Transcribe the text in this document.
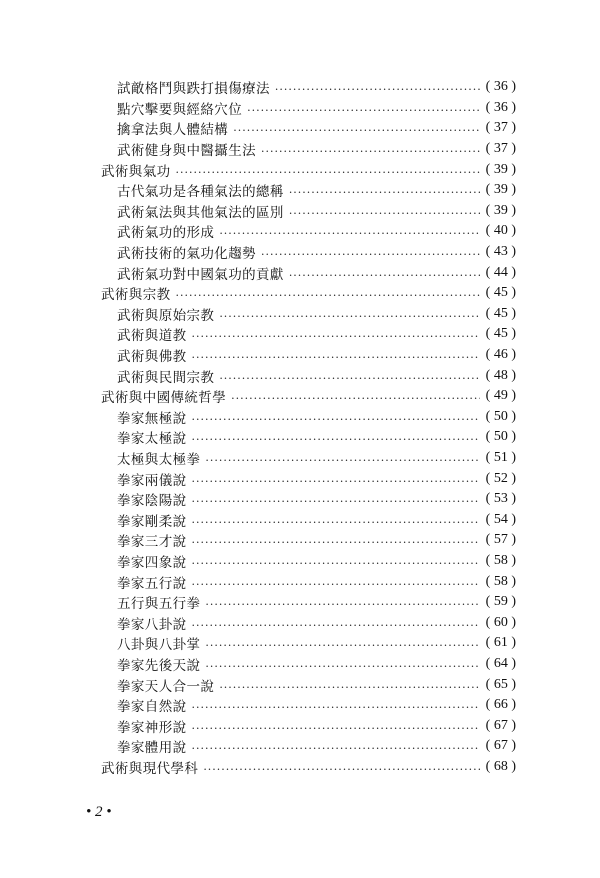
試敵格鬥與跌打損傷療法 ·····	( 36 )
點穴擊要與經絡穴位 ·····	( 36 )
擒拿法與人體結構 ·····	( 37 )
武術健身與中醫攝生法 ·····	( 37 )
武術與氣功 ·····	( 39 )
古代氣功是各種氣法的總稱 ·····	( 39 )
武術氣法與其他氣法的區別 ·····	( 39 )
武術氣功的形成 ·····	( 40 )
武術技術的氣功化趨勢 ·····	( 43 )
武術氣功對中國氣功的貢獻 ·····	( 44 )
武術與宗教 ·····	( 45 )
武術與原始宗教 ·····	( 45 )
武術與道教 ·····	( 45 )
武術與佛教 ·····	( 46 )
武術與民間宗教 ·····	( 48 )
武術與中國傳統哲學 ·····	( 49 )
拳家無極說 ·····	( 50 )
拳家太極說 ·····	( 50 )
太極與太極拳 ·····	( 51 )
拳家兩儀說 ·····	( 52 )
拳家陰陽說 ·····	( 53 )
拳家剛柔說 ·····	( 54 )
拳家三才說 ·····	( 57 )
拳家四象說 ·····	( 58 )
拳家五行說 ·····	( 58 )
五行與五行拳 ·····	( 59 )
拳家八卦說 ·····	( 60 )
八卦與八卦掌 ·····	( 61 )
拳家先後天說 ·····	( 64 )
拳家天人合一說 ·····	( 65 )
拳家自然說 ·····	( 66 )
拳家神形說 ·····	( 67 )
拳家體用說 ·····	( 67 )
武術與現代學科 ·····	( 68 )
• 2 •
